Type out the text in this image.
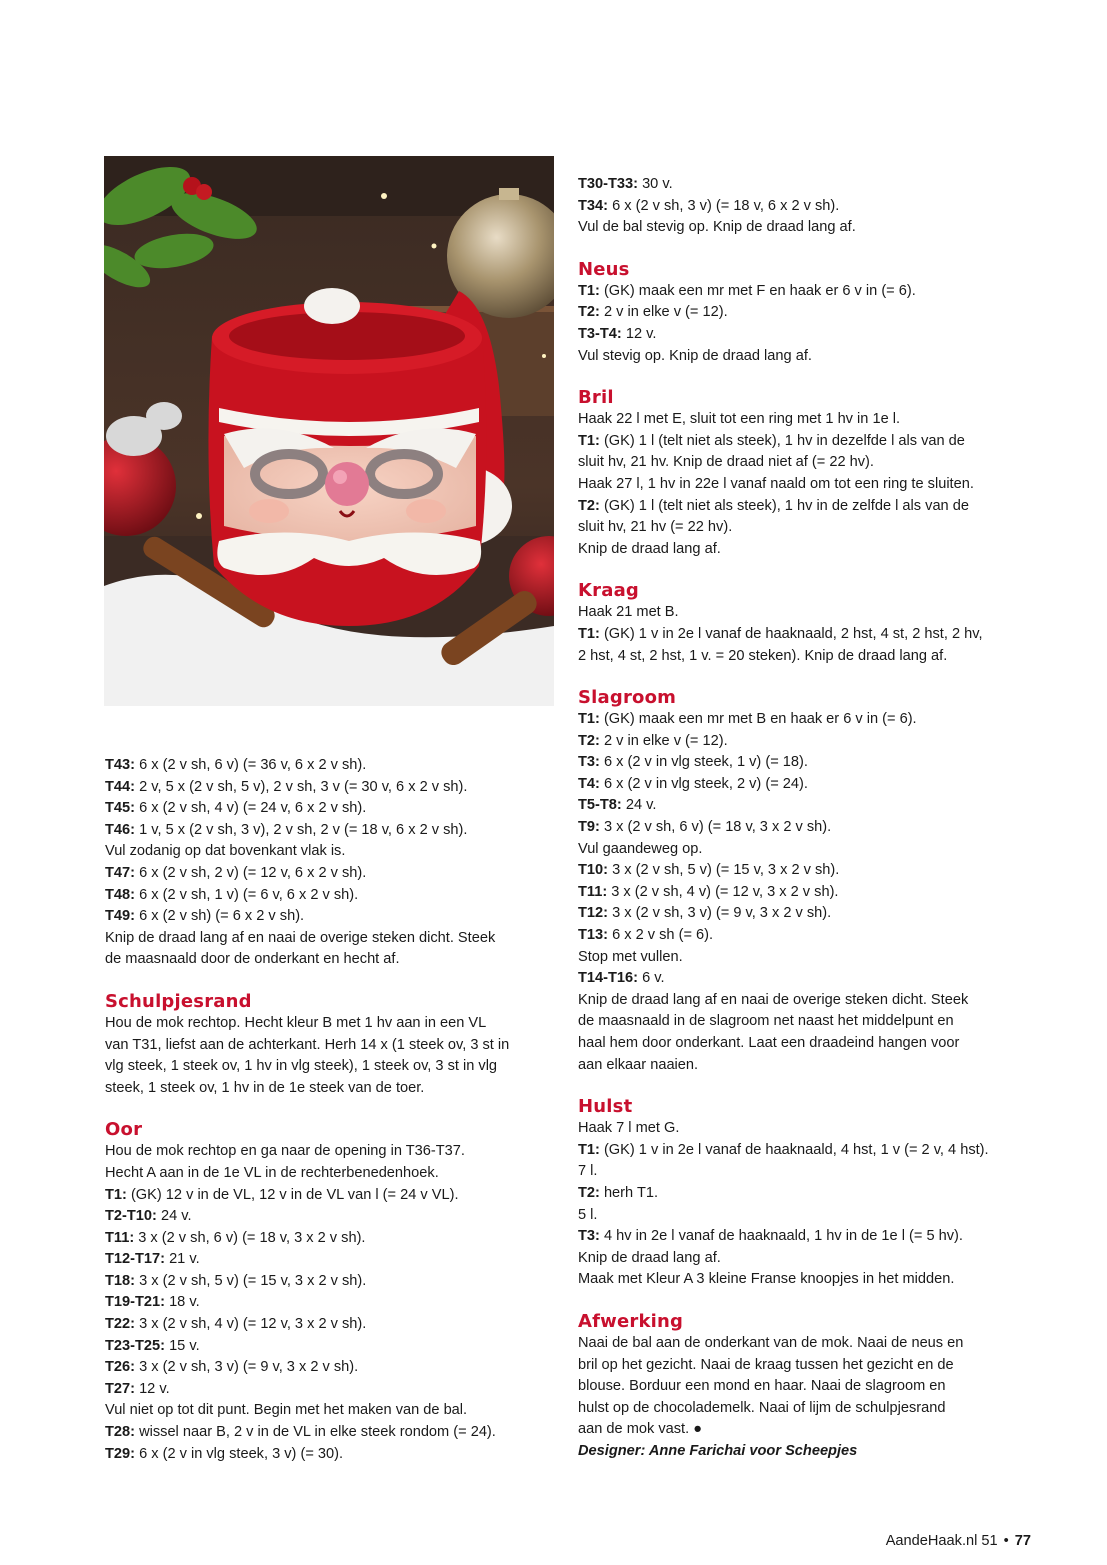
T43: 6 x (2 v sh, 6 v) (= 36 v, 6 x 2 v sh).
T44: 2 v, 5 x (2 v sh, 5 v), 2 v sh, 3 v (= 30 v, 6 x 2 v sh).
T45: 6 x (2 v sh, 4 v) (= 24 v, 6 x 2 v sh).
T46: 1 v, 5 x (2 v sh, 3 v), 2 v sh, 2 v (= 18 v, 6 x 2 v sh).
Vul zodanig op dat bovenkant vlak is.
T47: 6 x (2 v sh, 2 v) (= 12 v, 6 x 2 v sh).
T48: 6 x (2 v sh, 1 v) (= 6 v, 6 x 2 v sh).
T49: 6 x (2 v sh) (= 6 x 2 v sh).
Knip de draad lang af en naai de overige steken dicht. Steek
de maasnaald door de onderkant en hecht af.
Schulpjesrand
Hou de mok rechtop. Hecht kleur B met 1 hv aan in een VL
van T31, liefst aan de achterkant. Herh 14 x (1 steek ov, 3 st in
vlg steek, 1 steek ov, 1 hv in vlg steek), 1 steek ov, 3 st in vlg
steek, 1 steek ov, 1 hv in de 1e steek van de toer.
Oor
Hou de mok rechtop en ga naar de opening in T36-T37.
Hecht A aan in de 1e VL in de rechterbenedenhoek.
T1: (GK) 12 v in de VL, 12 v in de VL van l (= 24 v VL).
T2-T10: 24 v.
T11: 3 x (2 v sh, 6 v) (= 18 v, 3 x 2 v sh).
T12-T17: 21 v.
T18: 3 x (2 v sh, 5 v) (= 15 v, 3 x 2 v sh).
T19-T21: 18 v.
T22: 3 x (2 v sh, 4 v) (= 12 v, 3 x 2 v sh).
T23-T25: 15 v.
T26: 3 x (2 v sh, 3 v) (= 9 v, 3 x 2 v sh).
T27: 12 v.
Vul niet op tot dit punt. Begin met het maken van de bal.
T28: wissel naar B, 2 v in de VL in elke steek rondom (= 24).
T29: 6 x (2 v in vlg steek, 3 v) (= 30).
T30-T33: 30 v.
T34: 6 x (2 v sh, 3 v) (= 18 v, 6 x 2 v sh).
Vul de bal stevig op. Knip de draad lang af.
Neus
T1: (GK) maak een mr met F en haak er 6 v in (= 6).
T2: 2 v in elke v (= 12).
T3-T4: 12 v.
Vul stevig op. Knip de draad lang af.
Bril
Haak 22 l met E, sluit tot een ring met 1 hv in 1e l.
T1: (GK) 1 l (telt niet als steek), 1 hv in dezelfde l als van de
sluit hv, 21 hv. Knip de draad niet af (= 22 hv).
Haak 27 l, 1 hv in 22e l vanaf naald om tot een ring te sluiten.
T2: (GK) 1 l (telt niet als steek), 1 hv in de zelfde l als van de
sluit hv, 21 hv (= 22 hv).
Knip de draad lang af.
Kraag
Haak 21 met B.
T1: (GK) 1 v in 2e l vanaf de haaknaald, 2 hst, 4 st, 2 hst, 2 hv,
2 hst, 4 st, 2 hst, 1 v. = 20 steken). Knip de draad lang af.
Slagroom
T1: (GK) maak een mr met B en haak er 6 v in (= 6).
T2: 2 v in elke v (= 12).
T3: 6 x (2 v in vlg steek, 1 v) (= 18).
T4: 6 x (2 v in vlg steek, 2 v) (= 24).
T5-T8: 24 v.
T9: 3 x (2 v sh, 6 v) (= 18 v, 3 x 2 v sh).
Vul gaandeweg op.
T10: 3 x (2 v sh, 5 v) (= 15 v, 3 x 2 v sh).
T11: 3 x (2 v sh, 4 v) (= 12 v, 3 x 2 v sh).
T12: 3 x (2 v sh, 3 v) (= 9 v, 3 x 2 v sh).
T13: 6 x 2 v sh (= 6).
Stop met vullen.
T14-T16: 6 v.
Knip de draad lang af en naai de overige steken dicht. Steek
de maasnaald in de slagroom net naast het middelpunt en
haal hem door onderkant. Laat een draadeind hangen voor
aan elkaar naaien.
Hulst
Haak 7 l met G.
T1: (GK) 1 v in 2e l vanaf de haaknaald, 4 hst, 1 v (= 2 v, 4 hst).
7 l.
T2: herh T1.
5 l.
T3: 4 hv in 2e l vanaf de haaknaald, 1 hv in de 1e l (= 5 hv).
Knip de draad lang af.
Maak met Kleur A 3 kleine Franse knoopjes in het midden.
Afwerking
Naai de bal aan de onderkant van de mok. Naai de neus en
bril op het gezicht. Naai de kraag tussen het gezicht en de
blouse. Borduur een mond en haar. Naai de slagroom en
hulst op de chocolademelk. Naai of lijm de schulpjesrand
aan de mok vast. ●
Designer: Anne Farichai voor Scheepjes
AandeHaak.nl 51 • 77
